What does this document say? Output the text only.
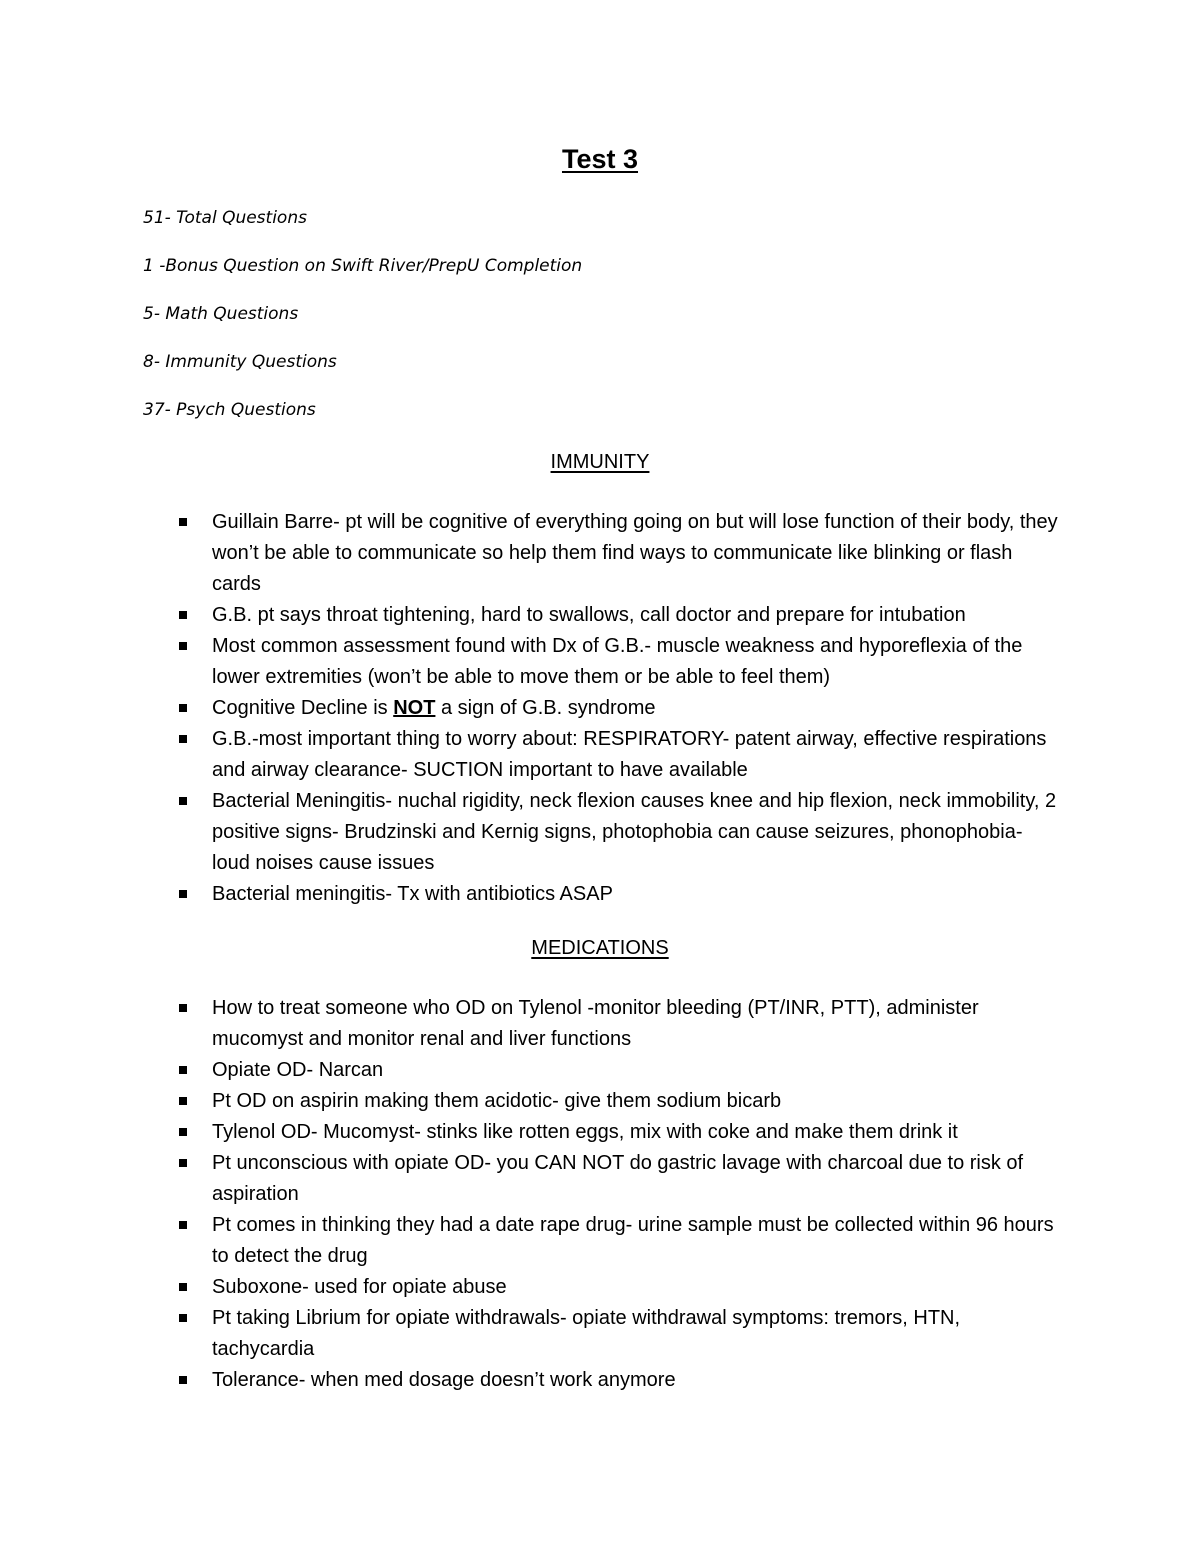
Test 3
51- Total Questions
1 -Bonus Question on Swift River/PrepU Completion
5- Math Questions
8- Immunity Questions
37- Psych Questions
IMMUNITY
Guillain Barre- pt will be cognitive of everything going on but will lose function of their body, they won’t be able to communicate so help them find ways to communicate like blinking or flash cards
G.B. pt says throat tightening, hard to swallows, call doctor and prepare for intubation
Most common assessment found with Dx of G.B.- muscle weakness and hyporeflexia of the lower extremities (won’t be able to move them or be able to feel them)
Cognitive Decline is NOT a sign of G.B. syndrome
G.B.-most important thing to worry about: RESPIRATORY- patent airway, effective respirations and airway clearance- SUCTION important to have available
Bacterial Meningitis- nuchal rigidity, neck flexion causes knee and hip flexion, neck immobility, 2 positive signs- Brudzinski and Kernig signs, photophobia can cause seizures, phonophobia- loud noises cause issues
Bacterial meningitis- Tx with antibiotics ASAP
MEDICATIONS
How to treat someone who OD on Tylenol -monitor bleeding (PT/INR, PTT), administer mucomyst and monitor renal and liver functions
Opiate OD- Narcan
Pt OD on aspirin making them acidotic- give them sodium bicarb
Tylenol OD- Mucomyst- stinks like rotten eggs, mix with coke and make them drink it
Pt unconscious with opiate OD- you CAN NOT do gastric lavage with charcoal due to risk of aspiration
Pt comes in thinking they had a date rape drug- urine sample must be collected within 96 hours to detect the drug
Suboxone- used for opiate abuse
Pt taking Librium for opiate withdrawals- opiate withdrawal symptoms: tremors, HTN, tachycardia
Tolerance- when med dosage doesn’t work anymore
